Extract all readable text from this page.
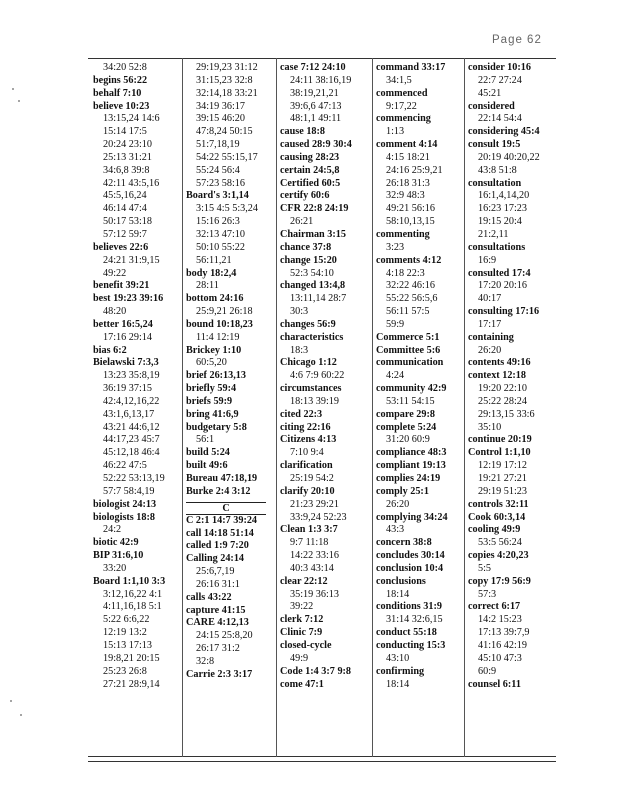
Page 62
34:20 52:8
begins 56:22
behalf 7:10
believe 10:23
13:15,24 14:6
15:14 17:5
20:24 23:10
25:13 31:21
34:6,8 39:8
42:11 43:5,16
45:5,16,24
46:14 47:4
50:17 53:18
57:12 59:7
believes 22:6
24:21 31:9,15
49:22
benefit 39:21
best 19:23 39:16
48:20
better 16:5,24
17:16 29:14
bias 6:2
Bielawski 7:3,3
13:23 35:8,19
36:19 37:15
42:4,12,16,22
43:1,6,13,17
43:21 44:6,12
44:17,23 45:7
45:12,18 46:4
46:22 47:5
52:22 53:13,19
57:7 58:4,19
biologist 24:13
biologists 18:8
24:2
biotic 42:9
BIP 31:6,10
33:20
Board 1:1,10 3:3
3:12,16,22 4:1
4:11,16,18 5:1
5:22 6:6,22
12:19 13:2
15:13 17:13
19:8,21 20:15
25:23 26:8
27:21 28:9,14
29:19,23 31:12
31:15,23 32:8
32:14,18 33:21
34:19 36:17
39:15 46:20
47:8,24 50:15
51:7,18,19
54:22 55:15,17
55:24 56:4
57:23 58:16
Board's 3:1,14
3:15 4:5 5:3,24
15:16 26:3
32:13 47:10
50:10 55:22
56:11,21
body 18:2,4
28:11
bottom 24:16
25:9,21 26:18
bound 10:18,23
11:4 12:19
Brickey 1:10
60:5,20
brief 26:13,13
briefly 59:4
briefs 59:9
bring 41:6,9
budgetary 5:8
56:1
build 5:24
built 49:6
Bureau 47:18,19
Burke 2:4 3:12
C
C 2:1 14:7 39:24
call 14:18 51:14
called 1:9 7:20
Calling 24:14
25:6,7,19
26:16 31:1
calls 43:22
capture 41:15
CARE 4:12,13
24:15 25:8,20
26:17 31:2
32:8
Carrie 2:3 3:17
case 7:12 24:10
24:11 38:16,19
38:19,21,21
39:6,6 47:13
48:1,1 49:11
cause 18:8
caused 28:9 30:4
causing 28:23
certain 24:5,8
Certified 60:5
certify 60:6
CFR 22:8 24:19
26:21
Chairman 3:15
chance 37:8
change 15:20
52:3 54:10
changed 13:4,8
13:11,14 28:7
30:3
changes 56:9
characteristics
18:3
Chicago 1:12
4:6 7:9 60:22
circumstances
18:13 39:19
cited 22:3
citing 22:16
Citizens 4:13
7:10 9:4
clarification
25:19 54:2
clarify 20:10
21:23 29:21
33:9,24 52:23
Clean 1:3 3:7
9:7 11:18
14:22 33:16
40:3 43:14
clear 22:12
35:19 36:13
39:22
clerk 7:12
Clinic 7:9
closed-cycle
49:9
Code 1:4 3:7 9:8
come 47:1
command 33:17
34:1,5
commenced
9:17,22
commencing
1:13
comment 4:14
4:15 18:21
24:16 25:9,21
26:18 31:3
32:9 48:3
49:21 56:16
58:10,13,15
commenting
3:23
comments 4:12
4:18 22:3
32:22 46:16
55:22 56:5,6
56:11 57:5
59:9
Commerce 5:1
Committee 5:6
communication
4:24
community 42:9
53:11 54:15
compare 29:8
complete 5:24
31:20 60:9
compliance 48:3
compliant 19:13
complies 24:19
comply 25:1
26:20
complying 34:24
43:3
concern 38:8
concludes 30:14
conclusion 10:4
conclusions
18:14
conditions 31:9
31:14 32:6,15
conduct 55:18
conducting 15:3
43:10
confirming
18:14
consider 10:16
22:7 27:24
45:21
considered
22:14 54:4
considering 45:4
consult 19:5
20:19 40:20,22
43:8 51:8
consultation
16:1,4,14,20
16:23 17:23
19:15 20:4
21:2,11
consultations
16:9
consulted 17:4
17:20 20:16
40:17
consulting 17:16
17:17
containing
26:20
contents 49:16
context 12:18
19:20 22:10
25:22 28:24
29:13,15 33:6
35:10
continue 20:19
Control 1:1,10
12:19 17:12
19:21 27:21
29:19 51:23
controls 32:11
Cook 60:3,14
cooling 49:9
53:5 56:24
copies 4:20,23
5:5
copy 17:9 56:9
57:3
correct 6:17
14:2 15:23
17:13 39:7,9
41:16 42:19
45:10 47:3
60:9
counsel 6:11
